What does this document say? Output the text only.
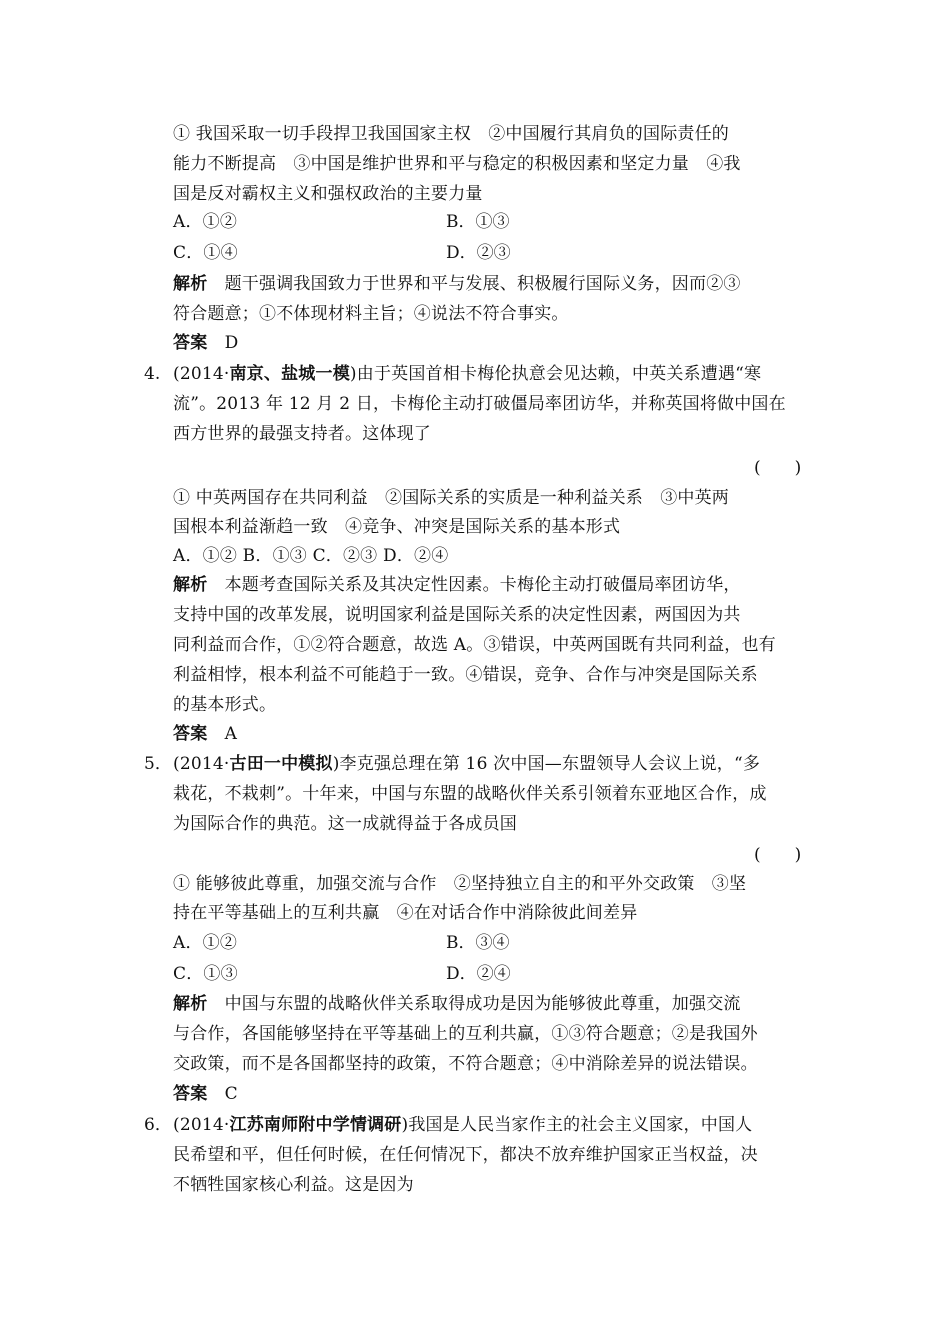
① 我国采取一切手段捍卫我国国家主权　②中国履行其肩负的国际责任的
能力不断提高　③中国是维护世界和平与稳定的积极因素和坚定力量　④我
国是反对霸权主义和强权政治的主要力量
A．①②	B．①③
C．①④	D．②③
解析　 题干强调我国致力于世界和平与发展、积极履行国际义务，因而②③
符合题意；①不体现材料主旨；④说法不符合事实。
答案　 D
4. (2014·南京、盐城一模)由于英国首相卡梅伦执意会见达赖，中英关系遭遇“寒
流”。2013 年 12 月 2 日，卡梅伦主动打破僵局率团访华，并称英国将做中国在
西方世界的最强支持者。这体现了
(　　)
① 中英两国存在共同利益　②国际关系的实质是一种利益关系　③中英两
国根本利益渐趋一致　④竞争、冲突是国际关系的基本形式
A．①② B．①③ C．②③ D．②④
解析　 本题考查国际关系及其决定性因素。卡梅伦主动打破僵局率团访华，
支持中国的改革发展，说明国家利益是国际关系的决定性因素，两国因为共
同利益而合作，①②符合题意，故选 A。③错误，中英两国既有共同利益，也有
利益相悖，根本利益不可能趋于一致。④错误，竞争、合作与冲突是国际关系
的基本形式。
答案　 A
5． (2014·古田一中模拟)李克强总理在第 16 次中国—东盟领导人会议上说，“多
栽花，不栽刺”。十年来，中国与东盟的战略伙伴关系引领着东亚地区合作，成
为国际合作的典范。这一成就得益于各成员国
(　　)
① 能够彼此尊重，加强交流与合作　②坚持独立自主的和平外交政策　③坚
持在平等基础上的互利共赢　④在对话合作中消除彼此间差异
A．①②	B．③④
C．①③	D．②④
解析　 中国与东盟的战略伙伴关系取得成功是因为能够彼此尊重，加强交流
与合作，各国能够坚持在平等基础上的互利共赢，①③符合题意；②是我国外
交政策，而不是各国都坚持的政策，不符合题意；④中消除差异的说法错误。
答案　 C
6． (2014·江苏南师附中学情调研)我国是人民当家作主的社会主义国家，中国人
民希望和平，但任何时候，在任何情况下，都决不放弃维护国家正当权益，决
不牺牲国家核心利益。这是因为
